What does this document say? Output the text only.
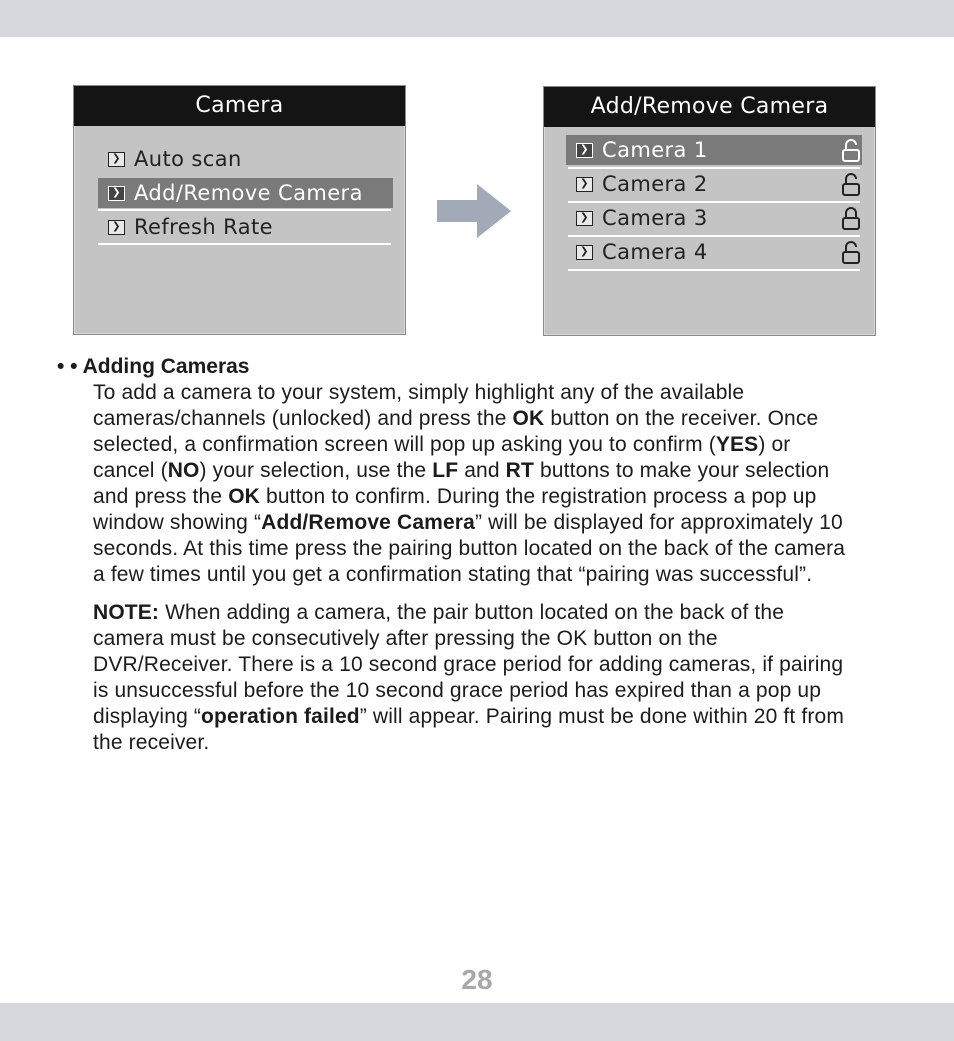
Camera
❯ Auto scan
❯ Add/Remove Camera
❯ Refresh Rate
Add/Remove Camera
❯ Camera 1
❯ Camera 2
❯ Camera 3
❯ Camera 4

• • Adding Cameras

To add a camera to your system, simply highlight any of the available cameras/channels (unlocked) and press the OK button on the receiver. Once selected, a confirmation screen will pop up asking you to confirm (YES) or cancel (NO) your selection, use the LF and RT buttons to make your selection and press the OK button to confirm. During the registration process a pop up window showing “Add/Remove Camera” will be displayed for approximately 10 seconds. At this time press the pairing button located on the back of the camera a few times until you get a confirmation stating that “pairing was successful”.

NOTE: When adding a camera, the pair button located on the back of the camera must be consecutively after pressing the OK button on the DVR/Receiver. There is a 10 second grace period for adding cameras, if pairing is unsuccessful before the 10 second grace period has expired than a pop up displaying “operation failed” will appear. Pairing must be done within 20 ft from the receiver.

28
